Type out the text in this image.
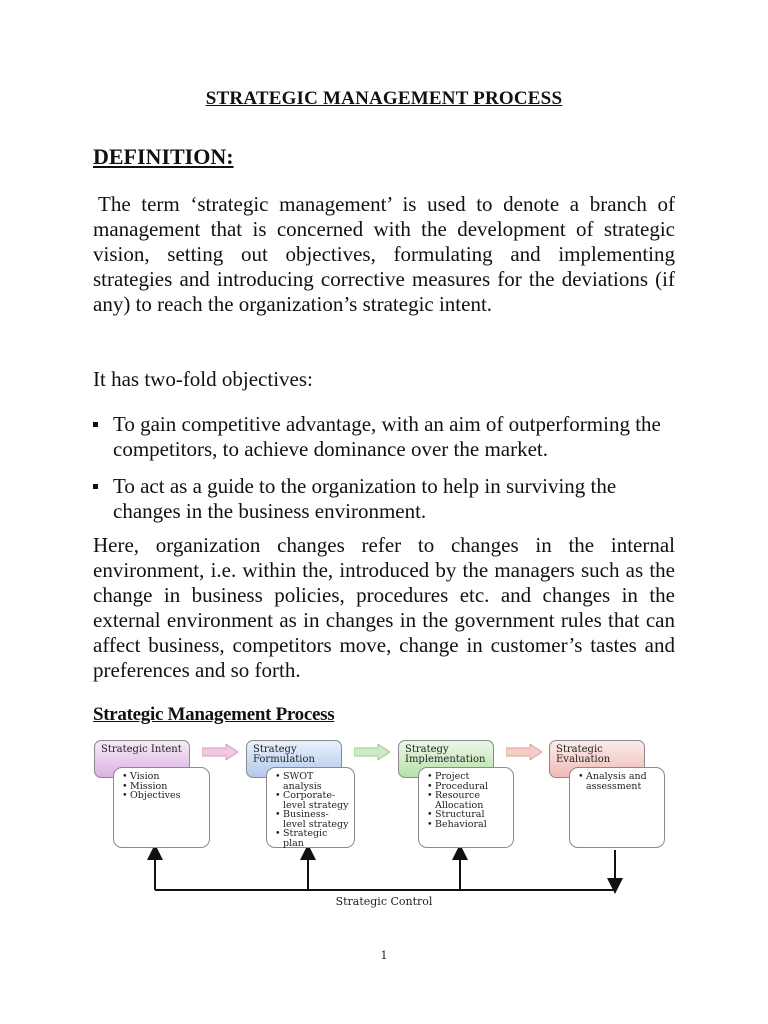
STRATEGIC MANAGEMENT PROCESS
DEFINITION:

The term ‘strategic management’ is used to denote a branch of management that is concerned with the development of strategic vision, setting out objectives, formulating and implementing strategies and introducing corrective measures for the deviations (if any) to reach the organization’s strategic intent.

It has two-fold objectives:

To gain competitive advantage, with an aim of outperforming the competitors, to achieve dominance over the market.
To act as a guide to the organization to help in surviving the changes in the business environment.

Here, organization changes refer to changes in the internal environment, i.e. within the, introduced by the managers such as the change in business policies, procedures etc. and changes in the external environment as in changes in the government rules that can affect business, competitors move, change in customer’s tastes and preferences and so forth.

Strategic Management Process
Strategic Intent	Strategy
Formulation
Strategy
Implementation
Strategic
Evaluation
• Vision
• Mission
• Objectives
• SWOT analysis
• Corporate-level strategy
• Business-level strategy
• Strategic plan
• Project
• Procedural
• Resource Allocation
• Structural
• Behavioral
• Analysis and assessment
Strategic Control
1
